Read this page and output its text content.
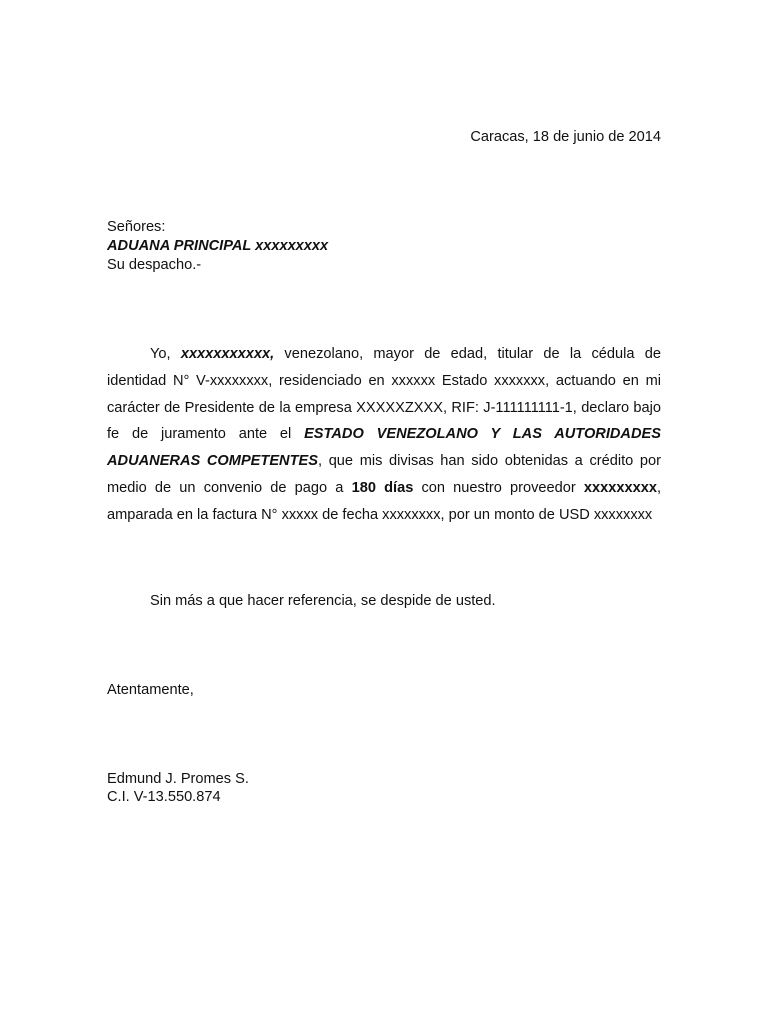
Caracas, 18 de junio de 2014
Señores:
ADUANA PRINCIPAL xxxxxxxxx
Su despacho.-

Yo, xxxxxxxxxxx, venezolano, mayor de edad, titular de la cédula de identidad N° V-xxxxxxxx, residenciado en xxxxxx Estado xxxxxxx, actuando en mi carácter de Presidente de la empresa XXXXXZXXX, RIF: J-111111111-1, declaro bajo fe de juramento ante el ESTADO VENEZOLANO Y LAS AUTORIDADES ADUANERAS COMPETENTES, que mis divisas han sido obtenidas a crédito por medio de un convenio de pago a 180 días con nuestro proveedor xxxxxxxxx, amparada en la factura N° xxxxx de fecha xxxxxxxx, por un monto de USD xxxxxxxx

Sin más a que hacer referencia, se despide de usted.
Atentamente,
Edmund J. Promes S.
C.I. V-13.550.874
